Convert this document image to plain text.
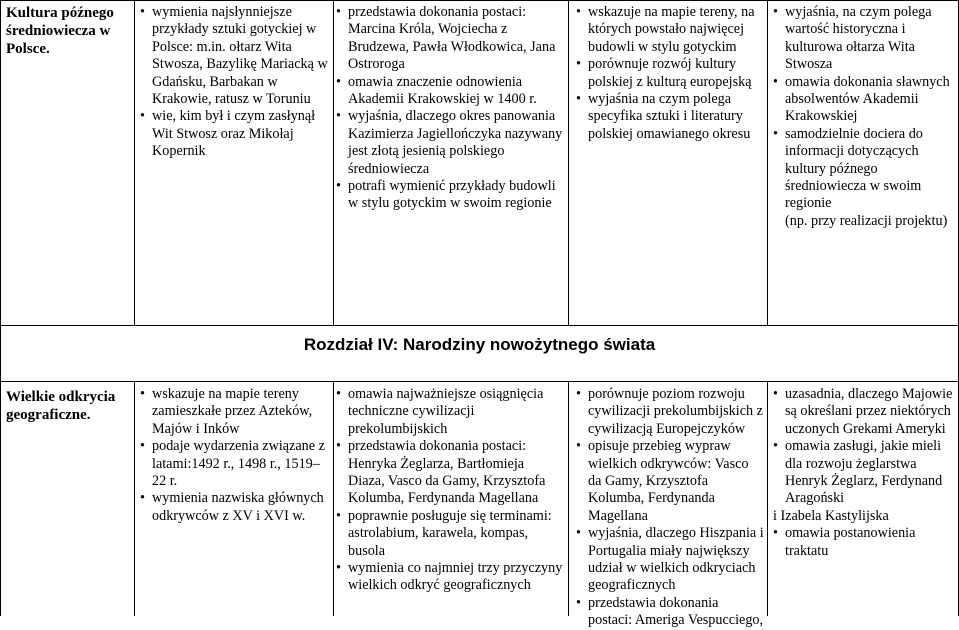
Kultura późnego średniowiecza w Polsce.
• wymienia najsłynniejsze przykłady sztuki gotyckiej w Polsce: m.in. ołtarz Wita Stwosza, Bazylikę Mariacką w Gdańsku, Barbakan w Krakowie, ratusz w Toruniu
• wie, kim był i czym zasłynął Wit Stwosz oraz Mikołaj Kopernik
• przedstawia dokonania postaci: Marcina Króla, Wojciecha z Brudzewa, Pawła Włodkowica, Jana Ostroroga
• omawia znaczenie odnowienia Akademii Krakowskiej w 1400 r.
• wyjaśnia, dlaczego okres panowania Kazimierza Jagiellończyka nazywany jest złotą jesienią polskiego średniowiecza
• potrafi wymienić przykłady budowli w stylu gotyckim w swoim regionie
• wskazuje na mapie tereny, na których powstało najwięcej budowli w stylu gotyckim
• porównuje rozwój kultury polskiej z kulturą europejską
• wyjaśnia na czym polega specyfika sztuki i literatury polskiej omawianego okresu
• wyjaśnia, na czym polega wartość historyczna i kulturowa ołtarza Wita Stwosza
• omawia dokonania sławnych absolwentów Akademii Krakowskiej
• samodzielnie dociera do informacji dotyczących kultury późnego średniowiecza w swoim regionie
(np. przy realizacji projektu)
Rozdział IV: Narodziny nowożytnego świata
Wielkie odkrycia geograficzne.
• wskazuje na mapie tereny zamieszkałe przez Azteków, Majów i Inków
• podaje wydarzenia związane z latami:1492 r., 1498 r., 1519–22 r.
• wymienia nazwiska głównych odkrywców z XV i XVI w.
• omawia najważniejsze osiągnięcia techniczne cywilizacji prekolumbijskich
• przedstawia dokonania postaci: Henryka Żeglarza, Bartłomieja Diaza, Vasco da Gamy, Krzysztofa Kolumba, Ferdynanda Magellana
• poprawnie posługuje się terminami: astrolabium, karawela, kompas, busola
• wymienia co najmniej trzy przyczyny wielkich odkryć geograficznych
• porównuje poziom rozwoju cywilizacji prekolumbijskich z cywilizacją Europejczyków
• opisuje przebieg wypraw wielkich odkrywców: Vasco da Gamy, Krzysztofa Kolumba, Ferdynanda Magellana
• wyjaśnia, dlaczego Hiszpania i Portugalia miały największy udział w wielkich odkryciach geograficznych
• przedstawia dokonania postaci: Ameriga Vespucciego,
• uzasadnia, dlaczego Majowie są określani przez niektórych uczonych Grekami Ameryki
• omawia zasługi, jakie mieli dla rozwoju żeglarstwa Henryk Żeglarz, Ferdynand Aragoński
i Izabela Kastylijska
• omawia postanowienia traktatu
